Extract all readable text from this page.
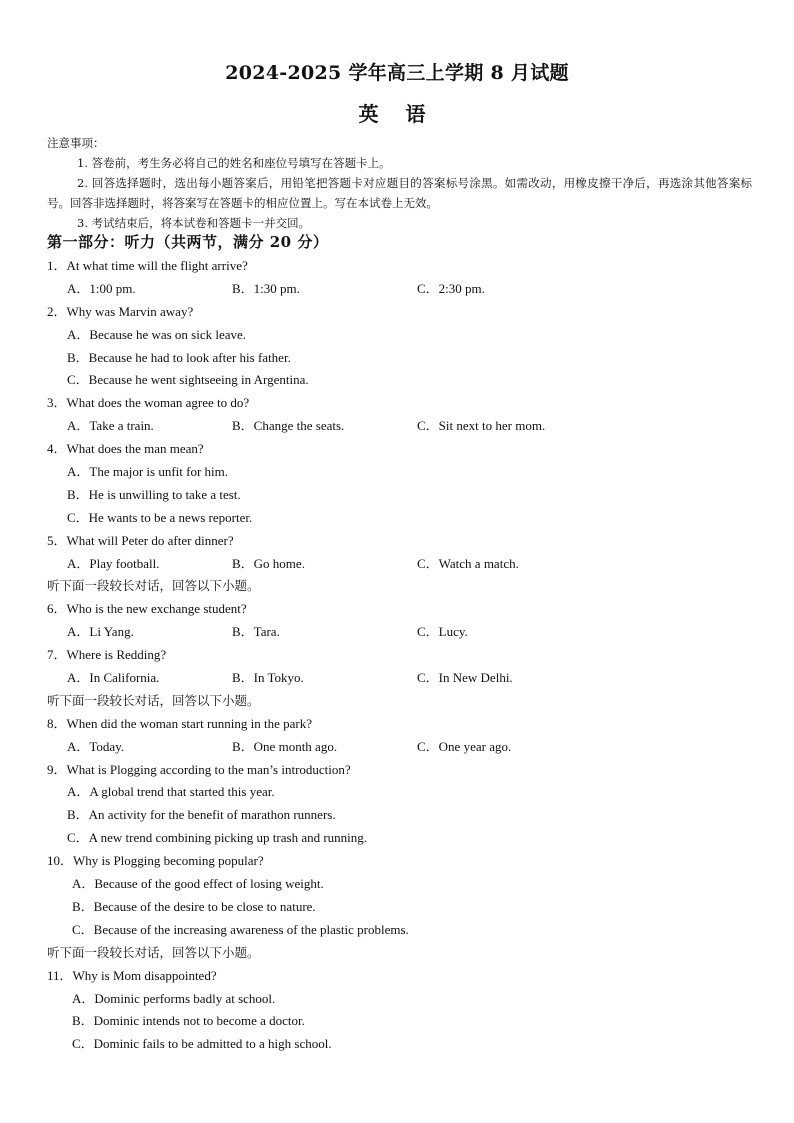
2024-2025 学年高三上学期 8 月试题
英 语
注意事项：
1. 答卷前，考生务必将自己的姓名和座位号填写在答题卡上。
2. 回答选择题时，选出每小题答案后，用铅笔把答题卡对应题目的答案标号涂黑。如需改动，用橡皮擦干净后，再选涂其他答案标号。回答非选择题时，将答案写在答题卡的相应位置上。写在本试卷上无效。
3. 考试结束后，将本试卷和答题卡一并交回。
第一部分：听力（共两节，满分 20 分）
1．At what time will the flight arrive?
A．1:00 pm.	B．1:30 pm.	C．2:30 pm.
2．Why was Marvin away?
A．Because he was on sick leave.
B．Because he had to look after his father.
C．Because he went sightseeing in Argentina.
3．What does the woman agree to do?
A．Take a train.	B．Change the seats.	C．Sit next to her mom.
4．What does the man mean?
A．The major is unfit for him.
B．He is unwilling to take a test.
C．He wants to be a news reporter.
5．What will Peter do after dinner?
A．Play football.	B．Go home.	C．Watch a match.
听下面一段较长对话，回答以下小题。
6．Who is the new exchange student?
A．Li Yang.	B．Tara.	C．Lucy.
7．Where is Redding?
A．In California.	B．In Tokyo.	C．In New Delhi.
听下面一段较长对话，回答以下小题。
8．When did the woman start running in the park?
A．Today.	B．One month ago.	C．One year ago.
9．What is Plogging according to the man’s introduction?
A．A global trend that started this year.
B．An activity for the benefit of marathon runners.
C．A new trend combining picking up trash and running.
10．Why is Plogging becoming popular?
A．Because of the good effect of losing weight.
B．Because of the desire to be close to nature.
C．Because of the increasing awareness of the plastic problems.
听下面一段较长对话，回答以下小题。
11．Why is Mom disappointed?
A．Dominic performs badly at school.
B．Dominic intends not to become a doctor.
C．Dominic fails to be admitted to a high school.
